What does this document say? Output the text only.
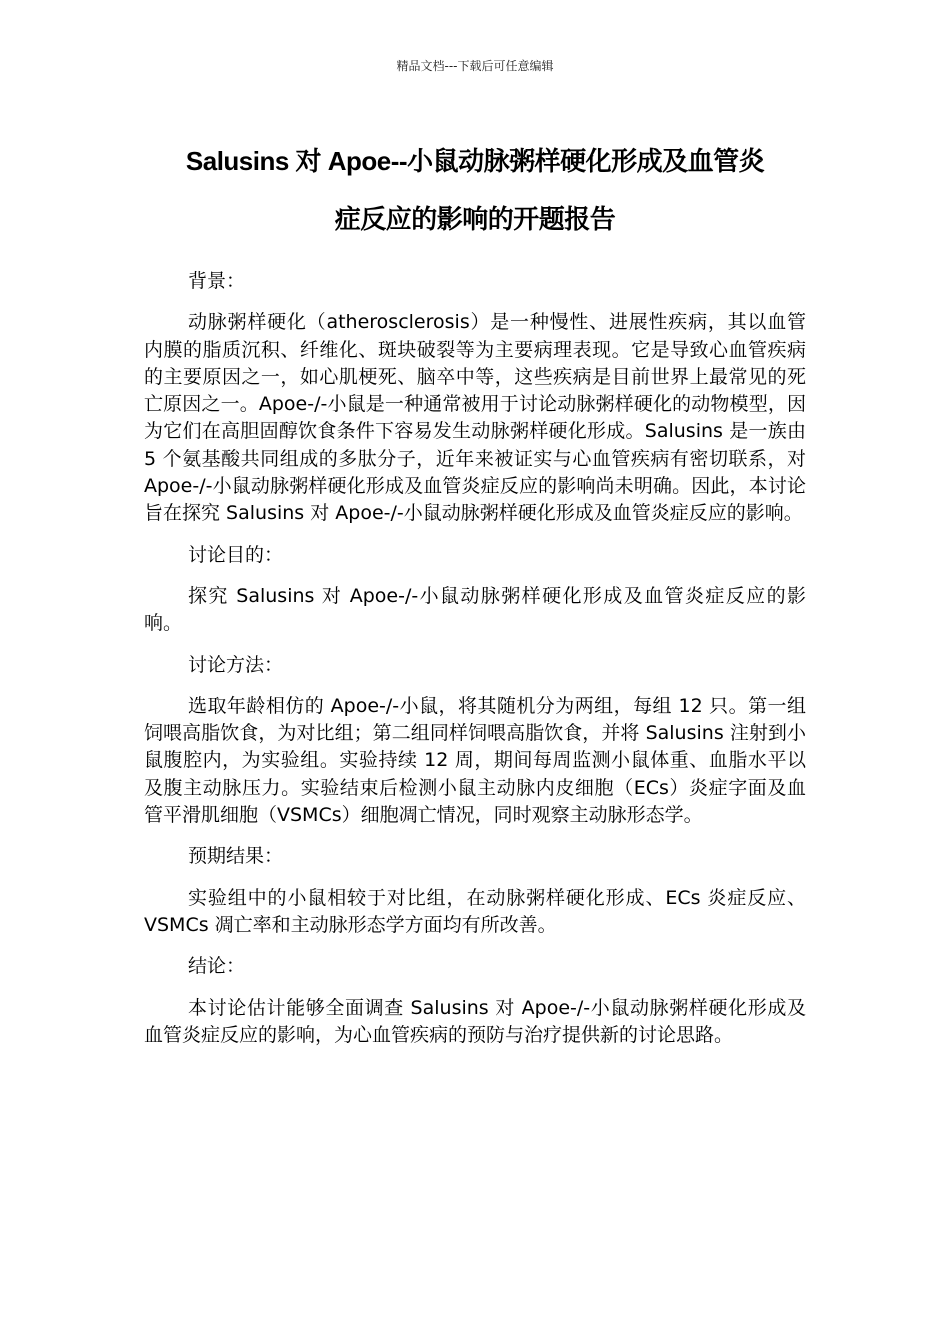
精品文档---下载后可任意编辑
Salusins 对 Apoe--小鼠动脉粥样硬化形成及血管炎
症反应的影响的开题报告

背景：

动脉粥样硬化（atherosclerosis）是一种慢性、进展性疾病，其以血管内膜的脂质沉积、纤维化、斑块破裂等为主要病理表现。它是导致心血管疾病的主要原因之一，如心肌梗死、脑卒中等，这些疾病是目前世界上最常见的死亡原因之一。Apoe-/-小鼠是一种通常被用于讨论动脉粥样硬化的动物模型，因为它们在高胆固醇饮食条件下容易发生动脉粥样硬化形成。Salusins 是一族由 5 个氨基酸共同组成的多肽分子，近年来被证实与心血管疾病有密切联系，对 Apoe-/-小鼠动脉粥样硬化形成及血管炎症反应的影响尚未明确。因此，本讨论旨在探究 Salusins 对 Apoe-/-小鼠动脉粥样硬化形成及血管炎症反应的影响。

讨论目的：

探究 Salusins 对 Apoe-/-小鼠动脉粥样硬化形成及血管炎症反应的影响。

讨论方法：

选取年龄相仿的 Apoe-/-小鼠，将其随机分为两组，每组 12 只。第一组饲喂高脂饮食，为对比组；第二组同样饲喂高脂饮食，并将 Salusins 注射到小鼠腹腔内，为实验组。实验持续 12 周，期间每周监测小鼠体重、血脂水平以及腹主动脉压力。实验结束后检测小鼠主动脉内皮细胞（ECs）炎症字面及血管平滑肌细胞（VSMCs）细胞凋亡情况，同时观察主动脉形态学。

预期结果：

实验组中的小鼠相较于对比组，在动脉粥样硬化形成、ECs 炎症反应、VSMCs 凋亡率和主动脉形态学方面均有所改善。

结论：

本讨论估计能够全面调查 Salusins 对 Apoe-/-小鼠动脉粥样硬化形成及血管炎症反应的影响，为心血管疾病的预防与治疗提供新的讨论思路。
